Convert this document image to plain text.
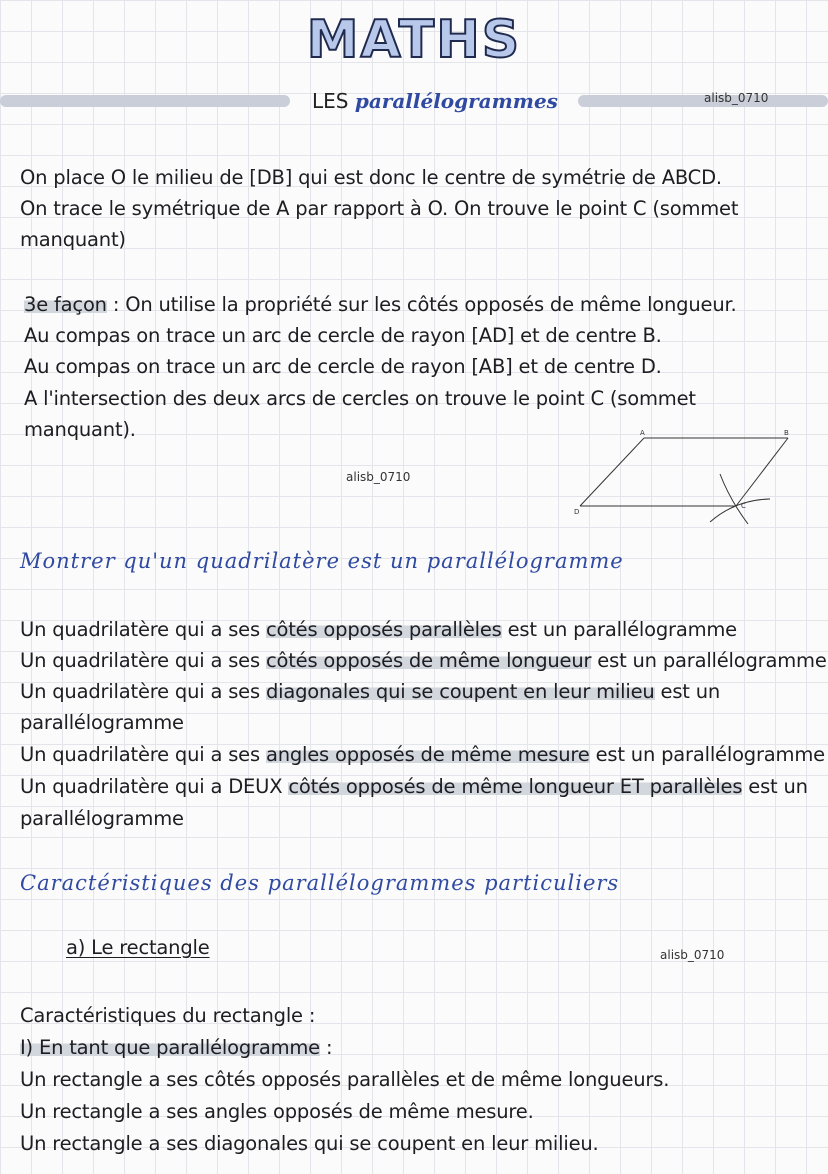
MATHS
LES parallélogrammes	alisb_0710
On place O le milieu de [DB] qui est donc le centre de symétrie de ABCD.
On trace le symétrique de A par rapport à O. On trouve le point C (sommet
manquant)
3e façon : On utilise la propriété sur les côtés opposés de même longueur.
Au compas on trace un arc de cercle de rayon [AD] et de centre B.
Au compas on trace un arc de cercle de rayon [AB] et de centre D.
A l'intersection des deux arcs de cercles on trouve le point C (sommet
manquant).
alisb_0710
A	B
C
D
Montrer qu'un quadrilatère est un parallélogramme
Un quadrilatère qui a ses côtés opposés parallèles est un parallélogramme
Un quadrilatère qui a ses côtés opposés de même longueur est un parallélogramme
Un quadrilatère qui a ses diagonales qui se coupent en leur milieu est un
parallélogramme
Un quadrilatère qui a ses angles opposés de même mesure est un parallélogramme
Un quadrilatère qui a DEUX côtés opposés de même longueur ET parallèles est un
parallélogramme
Caractéristiques des parallélogrammes particuliers
a) Le rectangle	alisb_0710
Caractéristiques du rectangle :
I) En tant que parallélogramme :
Un rectangle a ses côtés opposés parallèles et de même longueurs.
Un rectangle a ses angles opposés de même mesure.
Un rectangle a ses diagonales qui se coupent en leur milieu.
